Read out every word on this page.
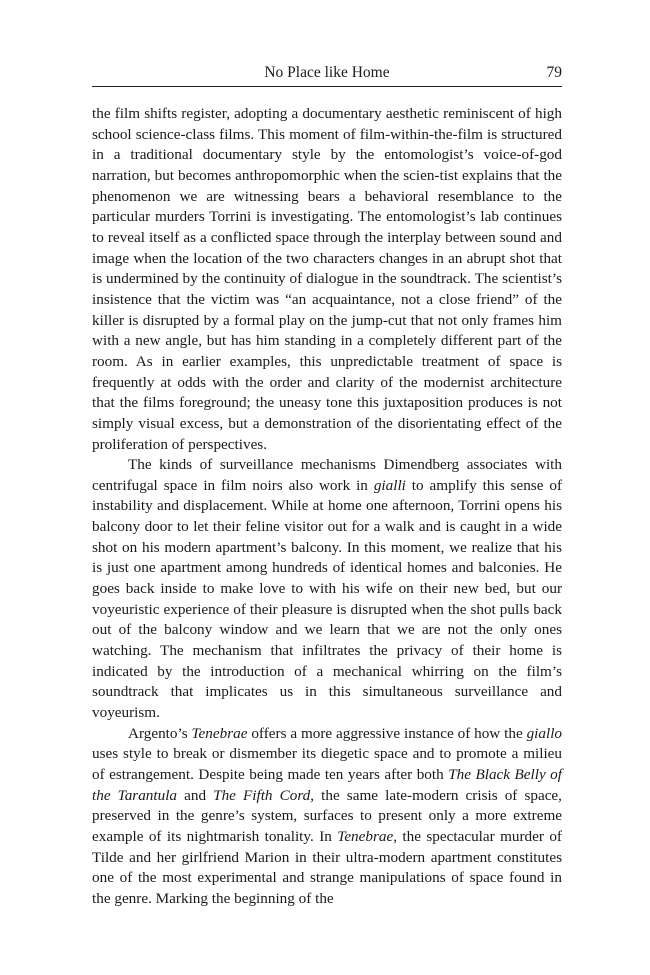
No Place like Home	79

the film shifts register, adopting a documentary aesthetic reminiscent of high school science-class films. This moment of film-within-the-film is structured in a traditional documentary style by the entomologist’s voice-of-god narration, but becomes anthropomorphic when the scien-tist explains that the phenomenon we are witnessing bears a behavioral resemblance to the particular murders Torrini is investigating. The entomologist’s lab continues to reveal itself as a conflicted space through the interplay between sound and image when the location of the two characters changes in an abrupt shot that is undermined by the continuity of dialogue in the soundtrack. The scientist’s insistence that the victim was “an acquaintance, not a close friend” of the killer is disrupted by a formal play on the jump-cut that not only frames him with a new angle, but has him standing in a completely different part of the room. As in earlier examples, this unpredictable treatment of space is frequently at odds with the order and clarity of the modernist architecture that the films foreground; the uneasy tone this juxtaposition produces is not simply visual excess, but a demonstration of the disorientating effect of the proliferation of perspectives.

The kinds of surveillance mechanisms Dimendberg associates with centrifugal space in film noirs also work in gialli to amplify this sense of instability and displacement. While at home one afternoon, Torrini opens his balcony door to let their feline visitor out for a walk and is caught in a wide shot on his modern apartment’s balcony. In this moment, we realize that his is just one apartment among hundreds of identical homes and balconies. He goes back inside to make love to with his wife on their new bed, but our voyeuristic experience of their pleasure is disrupted when the shot pulls back out of the balcony window and we learn that we are not the only ones watching. The mechanism that infiltrates the privacy of their home is indicated by the introduction of a mechanical whirring on the film’s soundtrack that implicates us in this simultaneous surveillance and voyeurism.

Argento’s Tenebrae offers a more aggressive instance of how the giallo uses style to break or dismember its diegetic space and to promote a milieu of estrangement. Despite being made ten years after both The Black Belly of the Tarantula and The Fifth Cord, the same late-modern crisis of space, preserved in the genre’s system, surfaces to present only a more extreme example of its nightmarish tonality. In Tenebrae, the spectacular murder of Tilde and her girlfriend Marion in their ultra-modern apartment constitutes one of the most experimental and strange manipulations of space found in the genre. Marking the beginning of the
